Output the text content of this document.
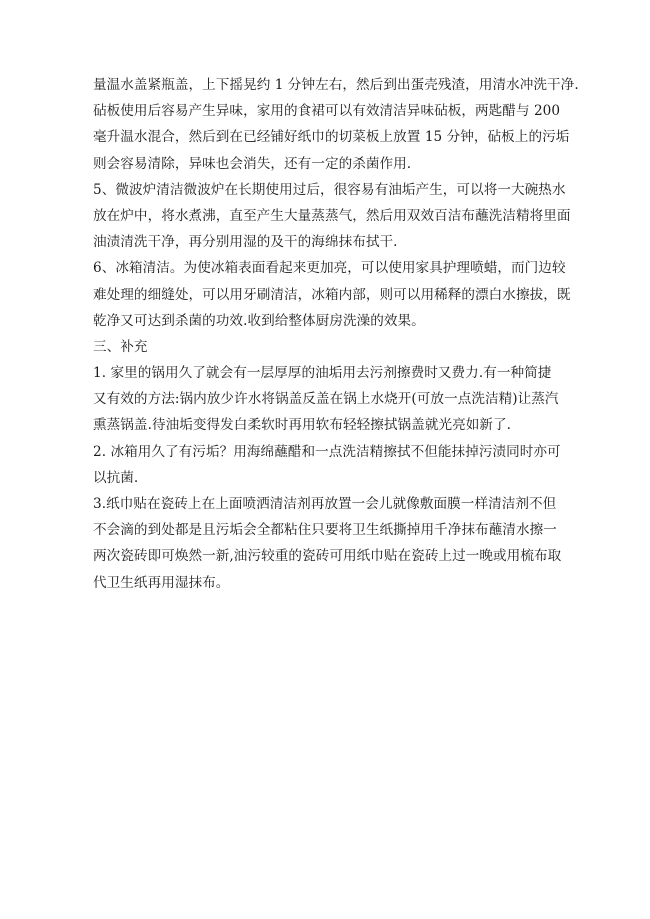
量温水盖紧瓶盖，上下摇晃约 1 分钟左右，然后到出蛋壳残渣，用清水冲洗干净.
砧板使用后容易产生异味，家用的食裙可以有效清洁异味砧板，两匙醋与 200
毫升温水混合，然后到在已经铺好纸巾的切菜板上放置 15 分钟，砧板上的污垢
则会容易清除，异味也会消失，还有一定的杀菌作用.
5、微波炉清洁微波炉在长期使用过后，很容易有油垢产生，可以将一大碗热水
放在炉中，将水煮沸，直至产生大量蒸蒸气，然后用双效百洁布蘸洗洁精将里面
油渍清洗干净，再分别用湿的及干的海绵抹布拭干.
6、冰箱清洁。为使冰箱表面看起来更加亮，可以使用家具护理喷蜡，而门边较
难处理的细缝处，可以用牙刷清洁，冰箱内部，则可以用稀释的漂白水擦拔，既
乾净又可达到杀菌的功效.收到给整体厨房洗澡的效果。
三、补充
1. 家里的锅用久了就会有一层厚厚的油垢用去污剂擦费时又费力.有一种简捷
又有效的方法:锅内放少许水将锅盖反盖在锅上水烧开(可放一点洗洁精)让蒸汽
熏蒸锅盖.待油垢变得发白柔软时再用软布轻轻擦拭锅盖就光亮如新了.
2. 冰箱用久了有污垢？用海绵蘸醋和一点洗洁精擦拭不但能抹掉污渍同时亦可
以抗菌.
3.纸巾贴在瓷砖上在上面喷洒清洁剂再放置一会儿就像敷面膜一样清洁剂不但
不会滴的到处都是且污垢会全都粘住只要将卫生纸撕掉用千净抹布蘸清水擦一
两次瓷砖即可焕然一新,油污较重的瓷砖可用纸巾贴在瓷砖上过一晚或用梳布取
代卫生纸再用湿抹布。
